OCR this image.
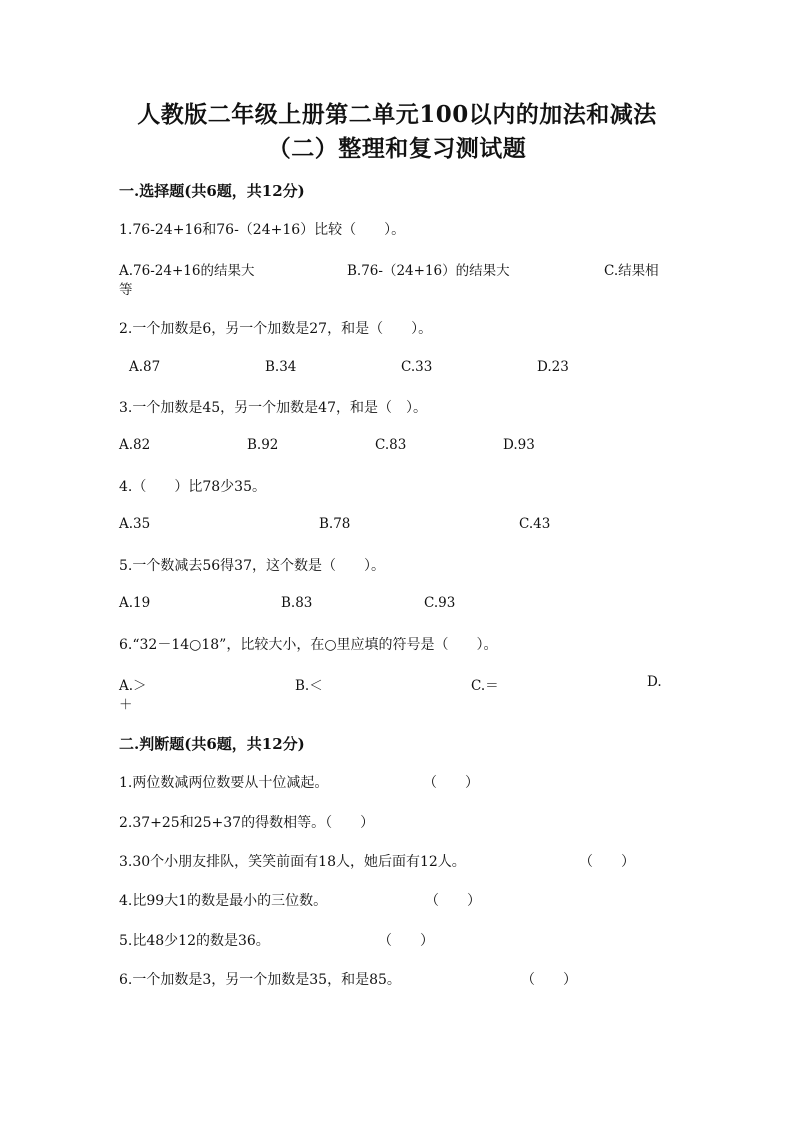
人教版二年级上册第二单元100以内的加法和减法
（二）整理和复习测试题
一.选择题(共6题，共12分)
1.76-24+16和76-（24+16）比较（　　）。
A.76-24+16的结果大	B.76-（24+16）的结果大	C.结果相
等
2.一个加数是6，另一个加数是27，和是（　　）。
A.87	B.34	C.33	D.23
3.一个加数是45，另一个加数是47，和是（　）。
A.82	B.92	C.83	D.93
4.（　　）比78少35。
A.35	B.78	C.43
5.一个数减去56得37，这个数是（　　）。
A.19	B.83	C.93
6.“32－14○18”，比较大小，在○里应填的符号是（　　）。
A.＞	B.＜	C.＝	D.
＋
二.判断题(共6题，共12分)
1.两位数减两位数要从十位减起。	（　　）
2.37+25和25+37的得数相等。（　　）
3.30个小朋友排队，笑笑前面有18人，她后面有12人。	（　　）
4.比99大1的数是最小的三位数。	（　　）
5.比48少12的数是36。	（　　）
6.一个加数是3，另一个加数是35，和是85。	（　　）
